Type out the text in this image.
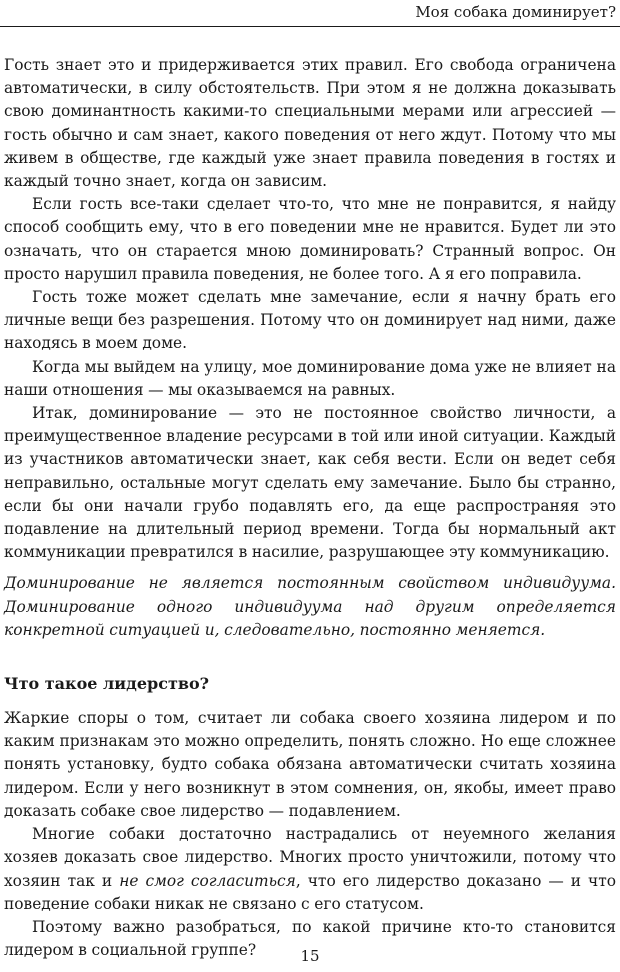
Моя собака доминирует?

Гость знает это и придерживается этих правил. Его свобода ограничена автоматически, в силу обстоятельств. При этом я не должна доказывать свою доминантность какими-то специальными мерами или агрессией — гость обычно и сам знает, какого поведения от него ждут. Потому что мы живем в обществе, где каждый уже знает правила поведения в гостях и каждый точно знает, когда он зависим.

Если гость все-таки сделает что-то, что мне не понравится, я найду способ сообщить ему, что в его поведении мне не нравится. Будет ли это означать, что он старается мною доминировать? Странный вопрос. Он просто нарушил правила поведения, не более того. А я его поправила.

Гость тоже может сделать мне замечание, если я начну брать его личные вещи без разрешения. Потому что он доминирует над ними, даже находясь в моем доме.

Когда мы выйдем на улицу, мое доминирование дома уже не влияет на наши отношения — мы оказываемся на равных.

Итак, доминирование — это не постоянное свойство личности, а преимущественное владение ресурсами в той или иной ситуации. Каждый из участников автоматически знает, как себя вести. Если он ведет себя неправильно, остальные могут сделать ему замечание. Было бы странно, если бы они начали грубо подавлять его, да еще распространяя это подавление на длительный период времени. Тогда бы нормальный акт коммуникации превратился в насилие, разрушающее эту коммуникацию.

Доминирование не является постоянным свойством индивидуума. Доминирование одного индивидуума над другим определяется конкретной ситуацией и, следовательно, постоянно меняется.

Что такое лидерство?

Жаркие споры о том, считает ли собака своего хозяина лидером и по каким признакам это можно определить, понять сложно. Но еще сложнее понять установку, будто собака обязана автоматически считать хозяина лидером. Если у него возникнут в этом сомнения, он, якобы, имеет право доказать собаке свое лидерство — подавлением.

Многие собаки достаточно настрадались от неуемного желания хозяев доказать свое лидерство. Многих просто уничтожили, потому что хозяин так и не смог согласиться, что его лидерство доказано — и что поведение собаки никак не связано с его статусом.

Поэтому важно разобраться, по какой причине кто-то становится лидером в социальной группе?	15
